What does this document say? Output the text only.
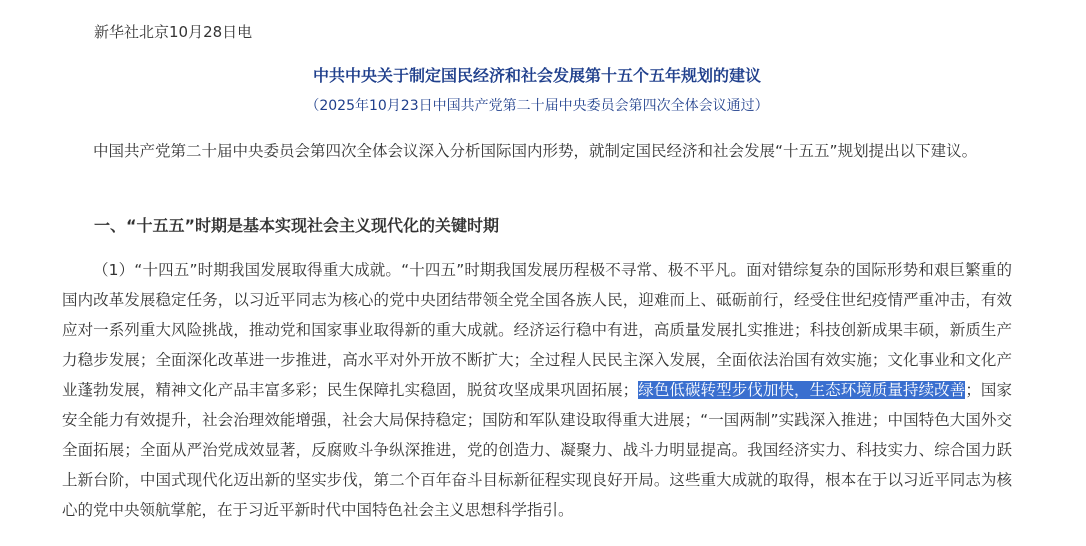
新华社北京10月28日电

中共中央关于制定国民经济和社会发展第十五个五年规划的建议

（2025年10月23日中国共产党第二十届中央委员会第四次全体会议通过）

中国共产党第二十届中央委员会第四次全体会议深入分析国际国内形势，就制定国民经济和社会发展“十五五”规划提出以下建议。

一、“十五五”时期是基本实现社会主义现代化的关键时期

（1）“十四五”时期我国发展取得重大成就。“十四五”时期我国发展历程极不寻常、极不平凡。面对错综复杂的国际形势和艰巨繁重的国内改革发展稳定任务，以习近平同志为核心的党中央团结带领全党全国各族人民，迎难而上、砥砺前行，经受住世纪疫情严重冲击，有效应对一系列重大风险挑战，推动党和国家事业取得新的重大成就。经济运行稳中有进，高质量发展扎实推进；科技创新成果丰硕，新质生产力稳步发展；全面深化改革进一步推进，高水平对外开放不断扩大；全过程人民民主深入发展，全面依法治国有效实施；文化事业和文化产业蓬勃发展，精神文化产品丰富多彩；民生保障扎实稳固，脱贫攻坚成果巩固拓展；绿色低碳转型步伐加快，生态环境质量持续改善；国家安全能力有效提升，社会治理效能增强，社会大局保持稳定；国防和军队建设取得重大进展；“一国两制”实践深入推进；中国特色大国外交全面拓展；全面从严治党成效显著，反腐败斗争纵深推进，党的创造力、凝聚力、战斗力明显提高。我国经济实力、科技实力、综合国力跃上新台阶，中国式现代化迈出新的坚实步伐，第二个百年奋斗目标新征程实现良好开局。这些重大成就的取得，根本在于以习近平同志为核心的党中央领航掌舵，在于习近平新时代中国特色社会主义思想科学指引。
